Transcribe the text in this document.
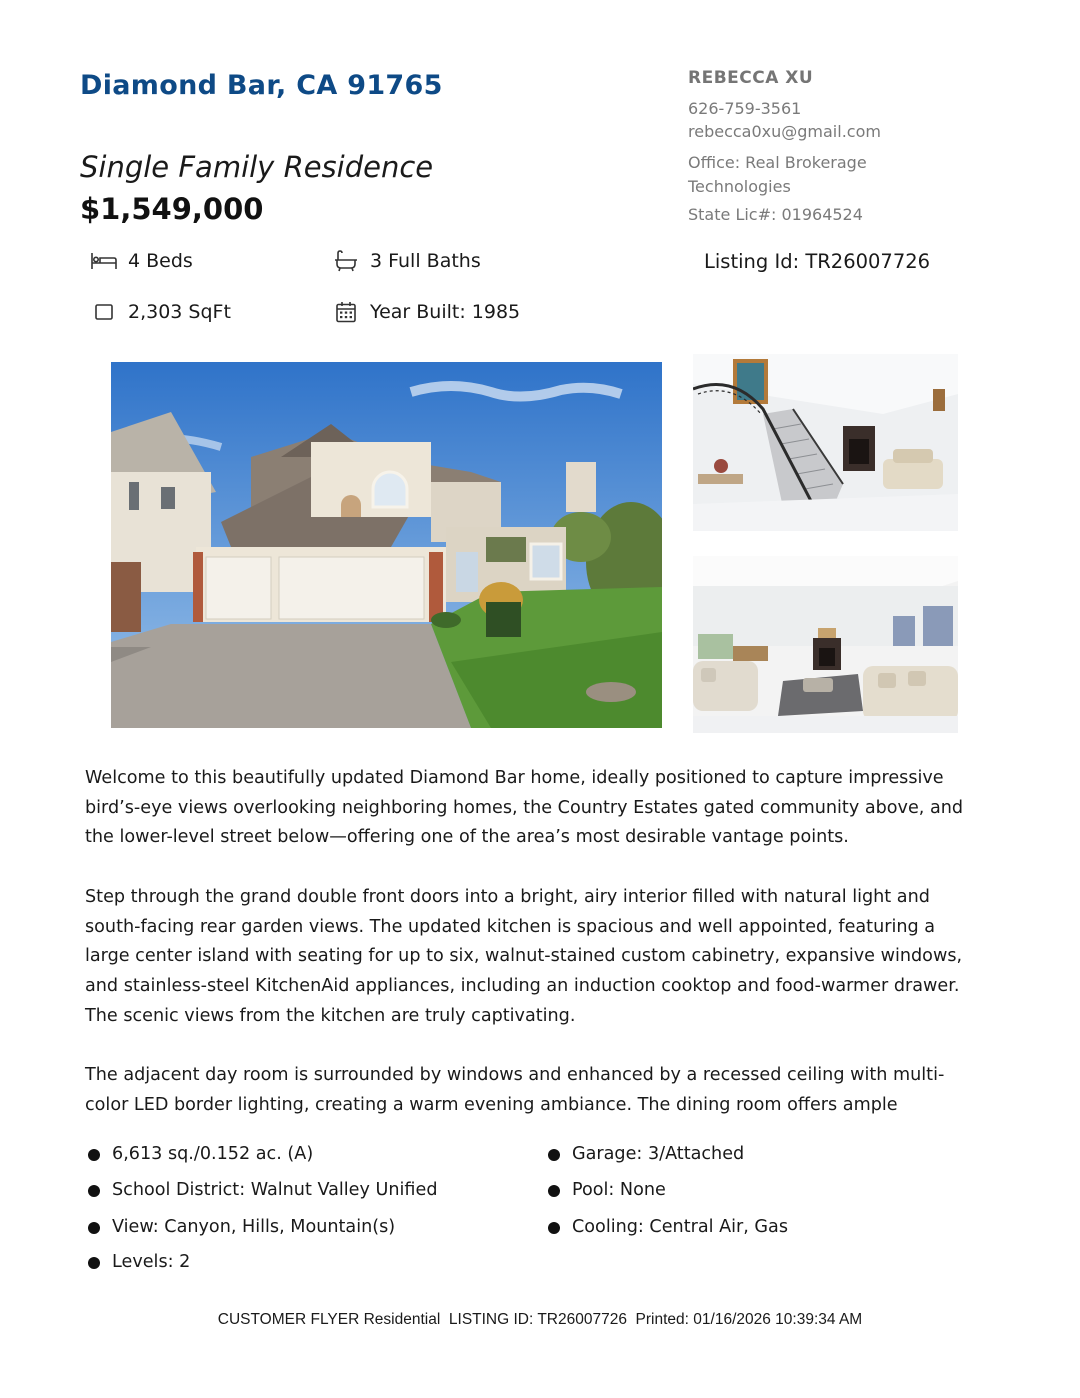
Diamond Bar, CA 91765
Single Family Residence
$1,549,000
REBECCA XU
626-759-3561
rebecca0xu@gmail.com
Office: Real Brokerage
Technologies
State Lic#: 01964524
4 Beds	3 Full Baths
2,303 SqFt	Year Built: 1985
Listing Id: TR26007726

Welcome to this beautifully updated Diamond Bar home, ideally positioned to capture impressive bird’s-eye views overlooking neighboring homes, the Country Estates gated community above, and the lower-level street below—offering one of the area’s most desirable vantage points.

Step through the grand double front doors into a bright, airy interior filled with natural light and south-facing rear garden views. The updated kitchen is spacious and well appointed, featuring a large center island with seating for up to six, walnut-stained custom cabinetry, expansive windows, and stainless-steel KitchenAid appliances, including an induction cooktop and food-warmer drawer. The scenic views from the kitchen are truly captivating.

The adjacent day room is surrounded by windows and enhanced by a recessed ceiling with multi-color LED border lighting, creating a warm evening ambiance. The dining room offers ample

6,613 sq./0.152 ac. (A)
School District: Walnut Valley Unified
View: Canyon, Hills, Mountain(s)
Levels: 2
Garage: 3/Attached
Pool: None
Cooling: Central Air, Gas
CUSTOMER FLYER Residential  LISTING ID: TR26007726  Printed: 01/16/2026 10:39:34 AM
